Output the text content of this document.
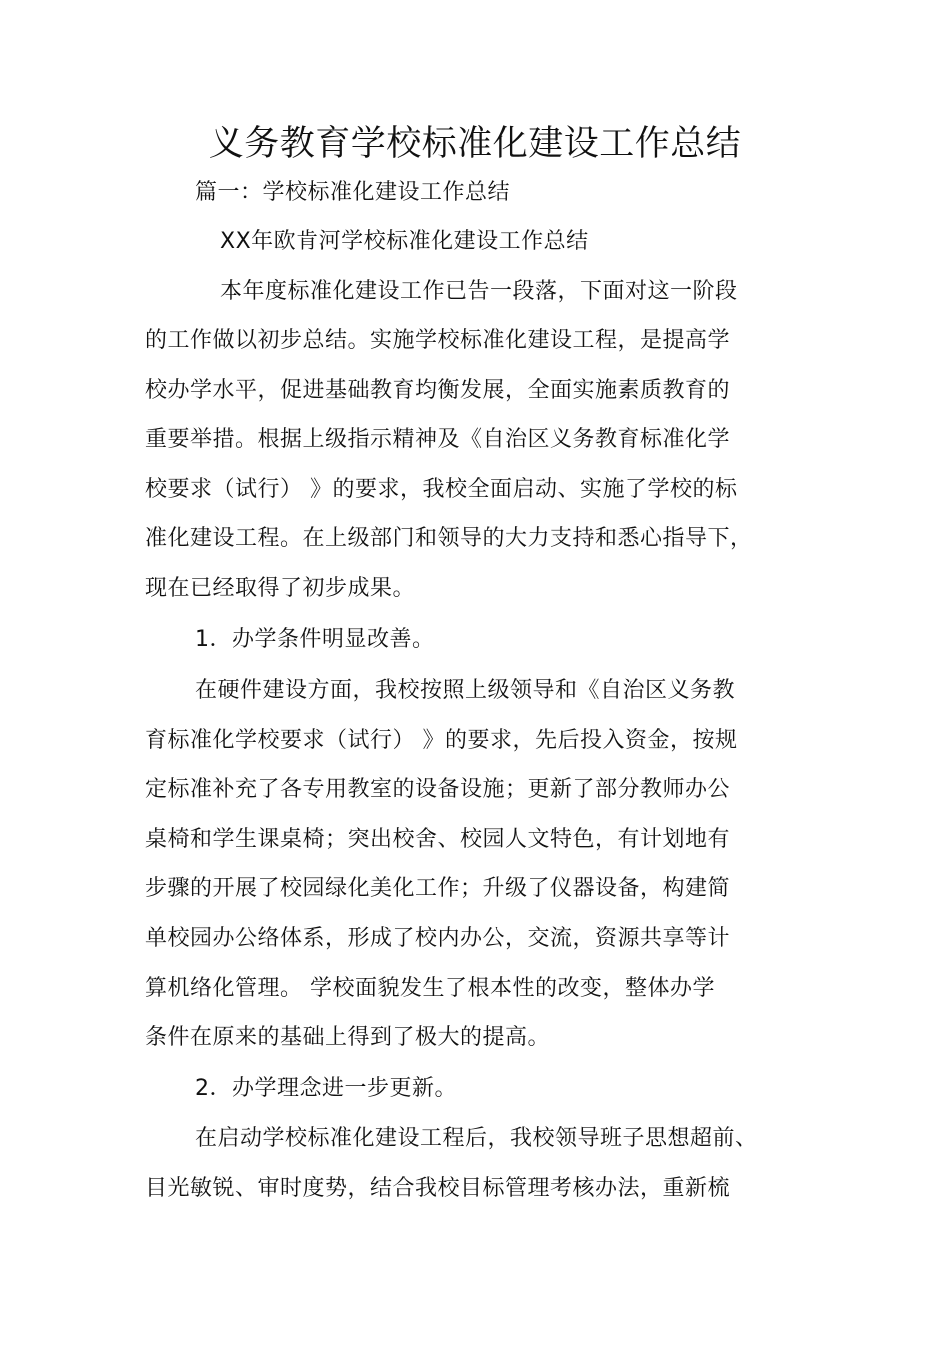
义务教育学校标准化建设工作总结
篇一：学校标准化建设工作总结
XX年欧肯河学校标准化建设工作总结
本年度标准化建设工作已告一段落，下面对这一阶段
的工作做以初步总结。实施学校标准化建设工程，是提高学
校办学水平，促进基础教育均衡发展，全面实施素质教育的
重要举措。根据上级指示精神及《自治区义务教育标准化学
校要求（试行） 》的要求，我校全面启动、实施了学校的标
准化建设工程。在上级部门和领导的大力支持和悉心指导下，
现在已经取得了初步成果。
1．办学条件明显改善。
在硬件建设方面，我校按照上级领导和《自治区义务教
育标准化学校要求（试行） 》的要求，先后投入资金，按规
定标准补充了各专用教室的设备设施；更新了部分教师办公
桌椅和学生课桌椅；突出校舍、校园人文特色，有计划地有
步骤的开展了校园绿化美化工作；升级了仪器设备，构建简
单校园办公络体系，形成了校内办公，交流，资源共享等计
算机络化管理。 学校面貌发生了根本性的改变，整体办学
条件在原来的基础上得到了极大的提高。
2．办学理念进一步更新。
在启动学校标准化建设工程后，我校领导班子思想超前、
目光敏锐、审时度势，结合我校目标管理考核办法，重新梳
